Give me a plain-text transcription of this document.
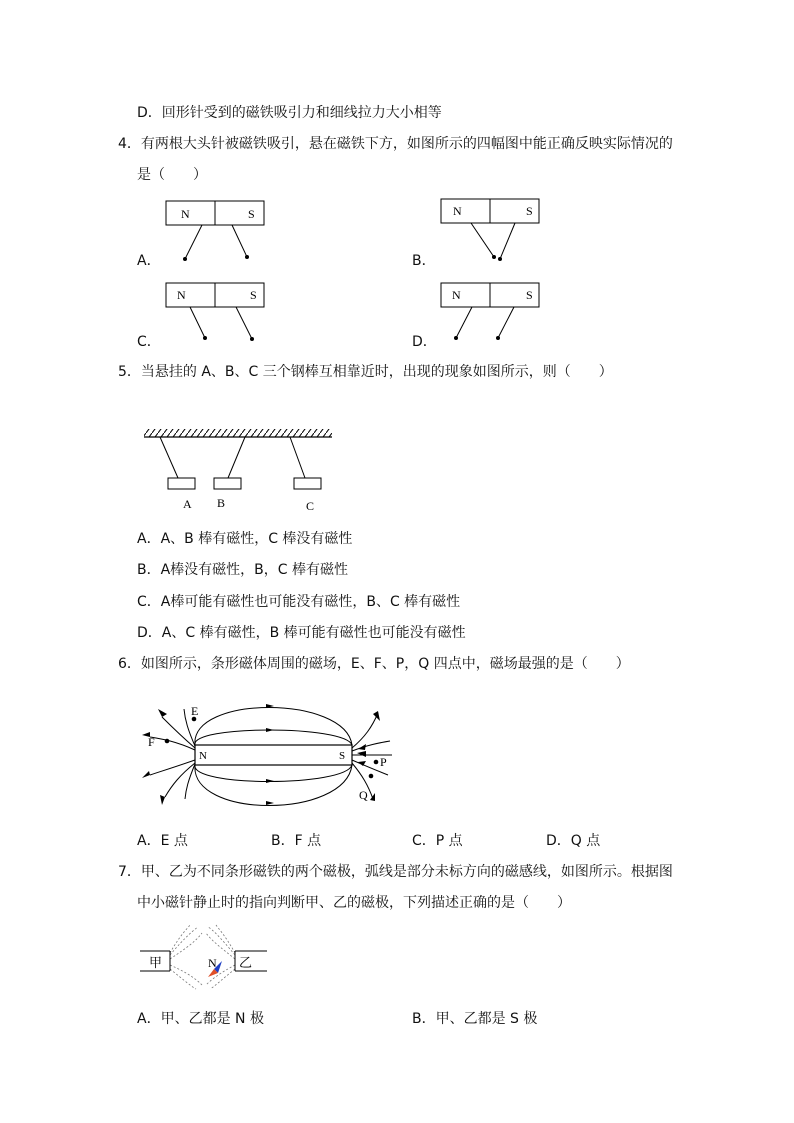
D．回形针受到的磁铁吸引力和细线拉力大小相等
4．有两根大头针被磁铁吸引，悬在磁铁下方，如图所示的四幅图中能正确反映实际情况的
是（　　）
A．	B．
C．	D．
N	S	N	S
N	S	N	S
5．当悬挂的 A、B、C 三个钢棒互相靠近时，出现的现象如图所示，则（　　）
A B	C
A．A、B 棒有磁性，C 棒没有磁性
B．A棒没有磁性，B，C 棒有磁性
C．A棒可能有磁性也可能没有磁性，B、C 棒有磁性
D．A、C 棒有磁性，B 棒可能有磁性也可能没有磁性
6．如图所示，条形磁体周围的磁场，E、F、P，Q 四点中，磁场最强的是（　　）
N	S
E
F
P
Q
A．E 点	B．F 点	C．P 点	D．Q 点
7．甲、乙为不同条形磁铁的两个磁极，弧线是部分未标方向的磁感线，如图所示。根据图
中小磁针静止时的指向判断甲、乙的磁极，下列描述正确的是（　　）
甲	乙
N
A．甲、乙都是 N 极	B．甲、乙都是 S 极
